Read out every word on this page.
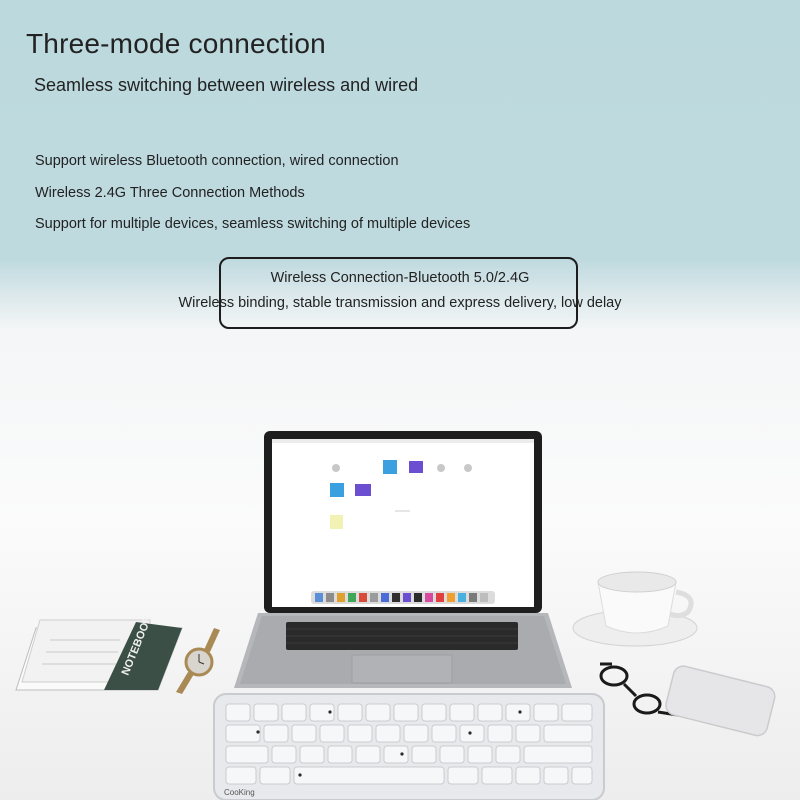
NOTEBOOK
CooKing
Three-mode connection
Seamless switching between wireless and wired
Support wireless Bluetooth connection, wired connection
Wireless 2.4G Three Connection Methods
Support for multiple devices, seamless switching of multiple devices
Wireless Connection-Bluetooth 5.0/2.4G
Wireless binding, stable transmission and express delivery, low delay
